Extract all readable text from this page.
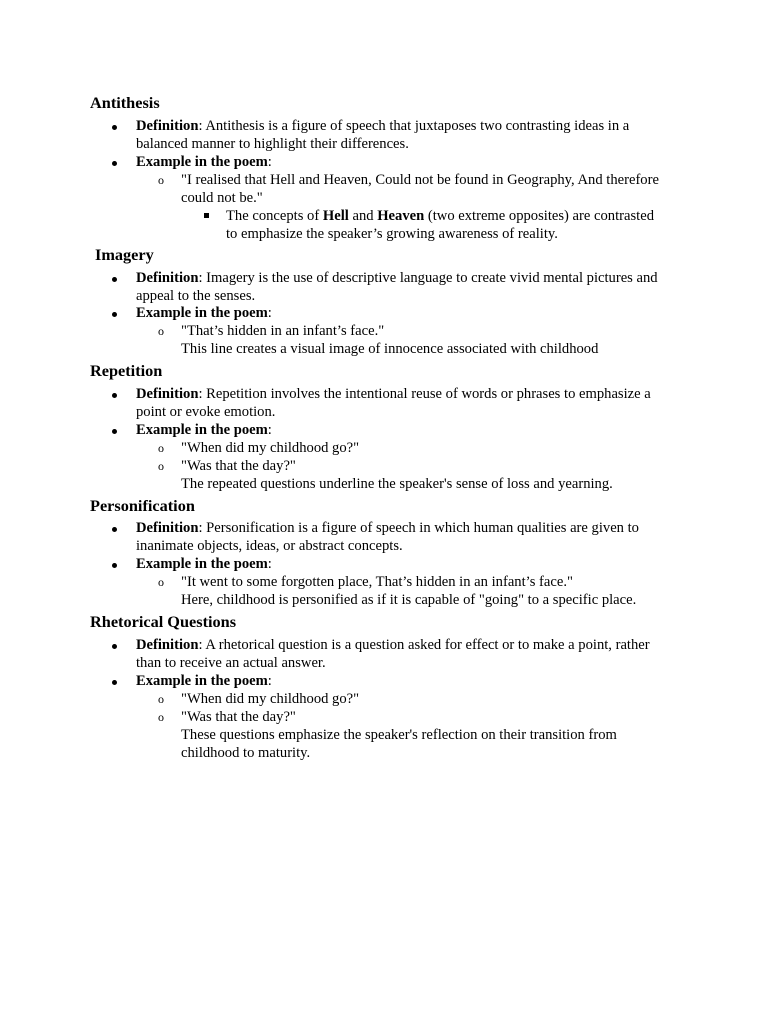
Antithesis
Definition: Antithesis is a figure of speech that juxtaposes two contrasting ideas in a
balanced manner to highlight their differences.
Example in the poem:
o "I realised that Hell and Heaven, Could not be found in Geography, And therefore
could not be."
The concepts of Hell and Heaven (two extreme opposites) are contrasted
to emphasize the speaker’s growing awareness of reality.
Imagery
Definition: Imagery is the use of descriptive language to create vivid mental pictures and
appeal to the senses.
Example in the poem:
o "That’s hidden in an infant’s face."
This line creates a visual image of innocence associated with childhood
Repetition
Definition: Repetition involves the intentional reuse of words or phrases to emphasize a
point or evoke emotion.
Example in the poem:
o "When did my childhood go?"
o "Was that the day?"
The repeated questions underline the speaker's sense of loss and yearning.
Personification
Definition: Personification is a figure of speech in which human qualities are given to
inanimate objects, ideas, or abstract concepts.
Example in the poem:
o "It went to some forgotten place, That’s hidden in an infant’s face."
Here, childhood is personified as if it is capable of "going" to a specific place.
Rhetorical Questions
Definition: A rhetorical question is a question asked for effect or to make a point, rather
than to receive an actual answer.
Example in the poem:
o "When did my childhood go?"
o "Was that the day?"
These questions emphasize the speaker's reflection on their transition from
childhood to maturity.
